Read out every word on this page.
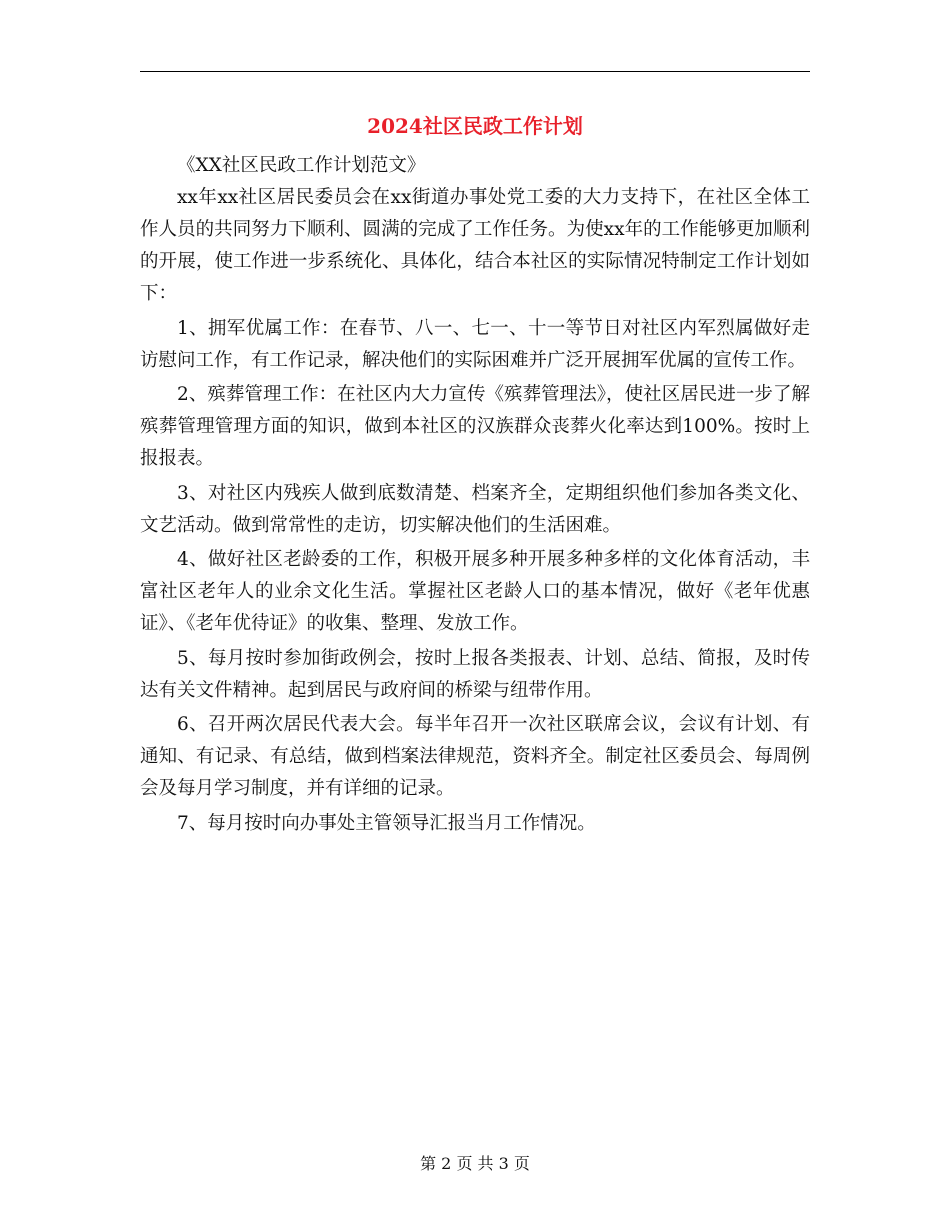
2024社区民政工作计划

《XX社区民政工作计划范文》

xx年xx社区居民委员会在xx街道办事处党工委的大力支持下，在社区全体工作人员的共同努力下顺利、圆满的完成了工作任务。为使xx年的工作能够更加顺利的开展，使工作进一步系统化、具体化，结合本社区的实际情况特制定工作计划如下：

1、拥军优属工作：在春节、八一、七一、十一等节日对社区内军烈属做好走访慰问工作，有工作记录，解决他们的实际困难并广泛开展拥军优属的宣传工作。

2、殡葬管理工作：在社区内大力宣传《殡葬管理法》，使社区居民进一步了解殡葬管理管理方面的知识，做到本社区的汉族群众丧葬火化率达到100%。按时上报报表。

3、对社区内残疾人做到底数清楚、档案齐全，定期组织他们参加各类文化、文艺活动。做到常常性的走访，切实解决他们的生活困难。

4、做好社区老龄委的工作，积极开展多种开展多种多样的文化体育活动，丰富社区老年人的业余文化生活。掌握社区老龄人口的基本情况，做好《老年优惠证》、《老年优待证》的收集、整理、发放工作。

5、每月按时参加街政例会，按时上报各类报表、计划、总结、简报，及时传达有关文件精神。起到居民与政府间的桥梁与纽带作用。

6、召开两次居民代表大会。每半年召开一次社区联席会议，会议有计划、有通知、有记录、有总结，做到档案法律规范，资料齐全。制定社区委员会、每周例会及每月学习制度，并有详细的记录。

7、每月按时向办事处主管领导汇报当月工作情况。

第 2 页 共 3 页
